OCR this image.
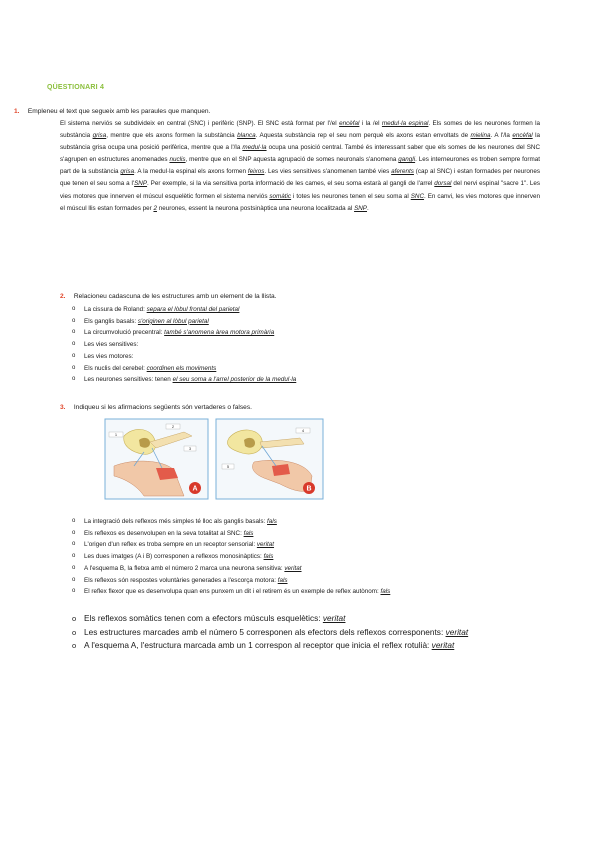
QÜESTIONARI 4
1. Empleneu el text que segueix amb les paraules que manquen.
El sistema nerviós se subdivideix en central (SNC) i perifèric (SNP). El SNC està format per l'/el encèfal i la /el medul·la espinal. Els somes de les neurones formen la substància grisa, mentre que els axons formen la substància blanca. Aquesta substància rep el seu nom perquè els axons estan envoltats de mielina. A l'/la encèfal la substància grisa ocupa una posició perifèrica, mentre que a l'/la medul·la ocupa una posició central. També és interessant saber que els somes de les neurones del SNC s'agrupen en estructures anomenades nuclis, mentre que en el SNP aquesta agrupació de somes neuronals s'anomena gangli. Les interneurones es troben sempre format part de la substància grisa. A la medul·la espinal els axons formen feixos. Les vies sensitives s'anomenen també vies aferents (cap al SNC) i estan formades per neurones que tenen el seu soma a l'SNP. Per exemple, si la via sensitiva porta informació de les cames, el seu soma estarà al gangli de l'arrel dorsal del nervi espinal "sacre 1". Les vies motores que innerven el múscul esquelètic formen el sistema nerviós somàtic i totes les neurones tenen el seu soma al SNC. En canvi, les vies motores que innerven el múscul llis estan formades per 2 neurones, essent la neurona postsinàptica una neurona localitzada al SNP.
2. Relacioneu cadascuna de les estructures amb un element de la llista.
o La cissura de Roland: separa el lòbul frontal del parietal
o Els ganglis basals: s'originen al lòbul parietal
o La circumvolució precentral: també s'anomena àrea motora primària
o Les vies sensitives:
o Les vies motores:
o Els nuclis del cerebel: coordinen els moviments
o Les neurones sensitives: tenen el seu soma a l'arrel posterior de la medul·la
3. Indiqueu si les afirmacions següents són vertaderes o falses.
A
1
2
3
B
4
5
o La integració dels reflexos més simples té lloc als ganglis basals: fals
o Els reflexos es desenvolupen en la seva totalitat al SNC: fals
o L'origen d'un reflex es troba sempre en un receptor sensorial: veritat
o Les dues imatges (A i B) corresponen a reflexos monosinàptics: fals
o A l'esquema B, la fletxa amb el número 2 marca una neurona sensitiva: veritat
o Els reflexos són respostes voluntàries generades a l'escorça motora: fals
o El reflex flexor que es desenvolupa quan ens punxem un dit i el retirem és un exemple de reflex autònom: fals
o Els reflexos somàtics tenen com a efectors músculs esquelètics: veritat
o Les estructures marcades amb el número 5 corresponen als efectors dels reflexos corresponents: veritat
o A l'esquema A, l'estructura marcada amb un 1 correspon al receptor que inicia el reflex rotulià: veritat
